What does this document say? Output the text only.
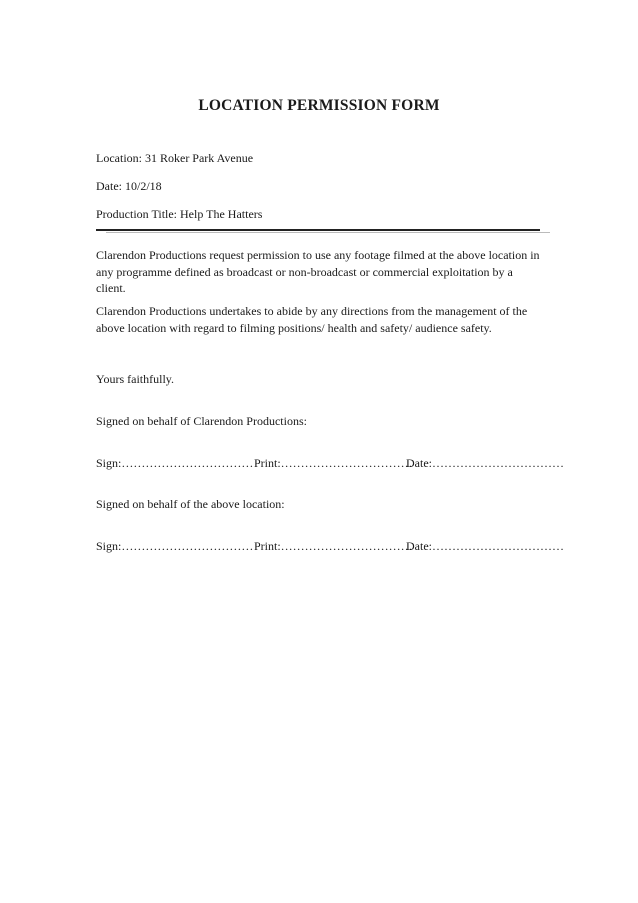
LOCATION PERMISSION FORM
Location: 31 Roker Park Avenue
Date: 10/2/18
Production Title: Help The Hatters
Clarendon Productions request permission to use any footage filmed at the above location in any programme defined as broadcast or non-broadcast or commercial exploitation by a client.
Clarendon Productions undertakes to abide by any directions from the management of the above location with regard to filming positions/ health and safety/ audience safety.
Yours faithfully.
Signed on behalf of Clarendon Productions:
Sign:…………………………… Print:……………………………
Date:……………………………
Signed on behalf of the above location:
Sign:…………………………… Print:……………………………
Date:……………………………
